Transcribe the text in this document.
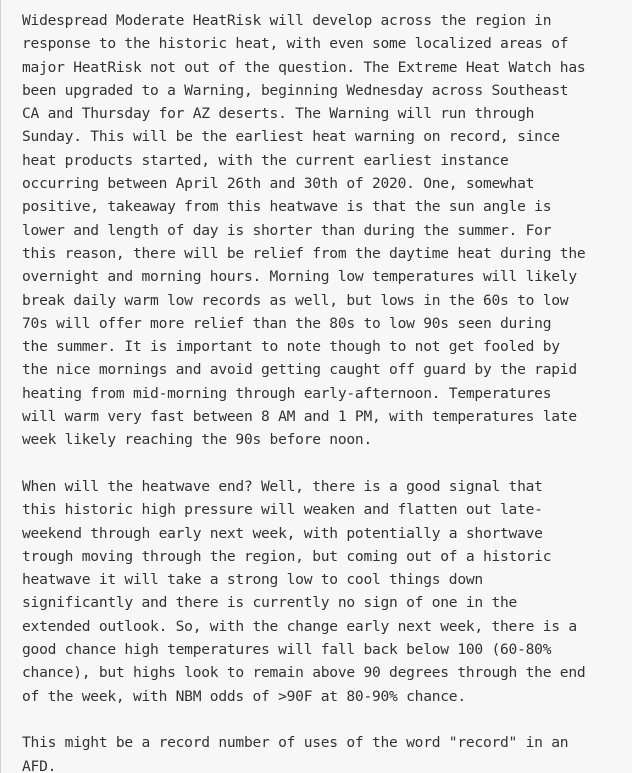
Widespread Moderate HeatRisk will develop across the region in
response to the historic heat, with even some localized areas of
major HeatRisk not out of the question. The Extreme Heat Watch has
been upgraded to a Warning, beginning Wednesday across Southeast
CA and Thursday for AZ deserts. The Warning will run through
Sunday. This will be the earliest heat warning on record, since
heat products started, with the current earliest instance
occurring between April 26th and 30th of 2020. One, somewhat
positive, takeaway from this heatwave is that the sun angle is
lower and length of day is shorter than during the summer. For
this reason, there will be relief from the daytime heat during the
overnight and morning hours. Morning low temperatures will likely
break daily warm low records as well, but lows in the 60s to low
70s will offer more relief than the 80s to low 90s seen during
the summer. It is important to note though to not get fooled by
the nice mornings and avoid getting caught off guard by the rapid
heating from mid-morning through early-afternoon. Temperatures
will warm very fast between 8 AM and 1 PM, with temperatures late
week likely reaching the 90s before noon.
When will the heatwave end? Well, there is a good signal that
this historic high pressure will weaken and flatten out late-
weekend through early next week, with potentially a shortwave
trough moving through the region, but coming out of a historic
heatwave it will take a strong low to cool things down
significantly and there is currently no sign of one in the
extended outlook. So, with the change early next week, there is a
good chance high temperatures will fall back below 100 (60-80%
chance), but highs look to remain above 90 degrees through the end
of the week, with NBM odds of >90F at 80-90% chance.
This might be a record number of uses of the word "record" in an
AFD.
